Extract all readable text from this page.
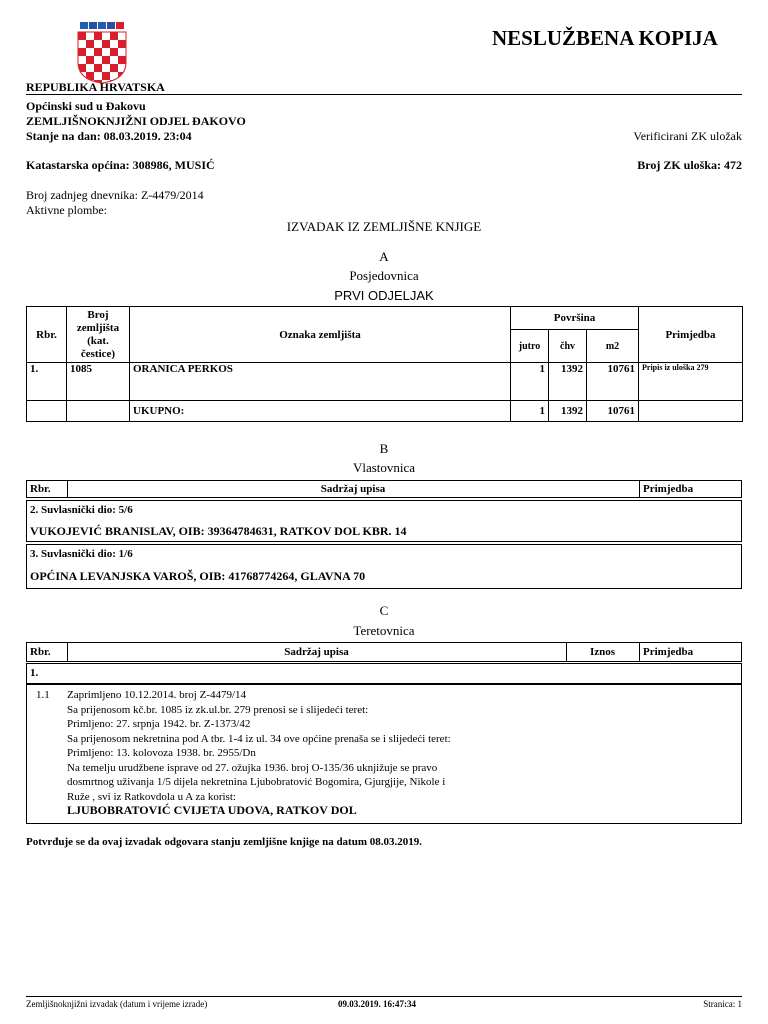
NESLUŽBENA KOPIJA
REPUBLIKA HRVATSKA
Općinski sud u Đakovu
ZEMLJIŠNOKNJIŽNI ODJEL ĐAKOVO
Stanje na dan: 08.03.2019. 23:04	Verificirani ZK uložak
Katastarska općina: 308986, MUSIĆ	Broj ZK uloška: 472
Broj zadnjeg dnevnika: Z-4479/2014
Aktivne plombe:
IZVADAK IZ ZEMLJIŠNE KNJIGE
A
Posjedovnica
PRVI ODJELJAK
Rbr.	Broj zemljišta (kat. čestice)	Oznaka zemljišta	Površina			Primjedba
			jutro	čhv	m2	
1.	1085	ORANICA PERKOS	1	1392	10761	Pripis iz uloška 279
		UKUPNO:	1	1392	10761	
B
Vlastovnica
Rbr.	Sadržaj upisa	Primjedba
2. Suvlasnički dio: 5/6
VUKOJEVIĆ BRANISLAV, OIB: 39364784631, RATKOV DOL KBR. 14
3. Suvlasnički dio: 1/6
OPĆINA LEVANJSKA VAROŠ, OIB: 41768774264, GLAVNA 70
C
Teretovnica
Rbr.	Sadržaj upisa	Iznos	Primjedba
1.
1.1 Zaprimljeno 10.12.2014. broj Z-4479/14
Sa prijenosom kč.br. 1085 iz zk.ul.br. 279 prenosi se i slijedeći teret:
Primljeno: 27. srpnja 1942. br. Z-1373/42
Sa prijenosom nekretnina pod A tbr. 1-4 iz ul. 34 ove općine prenaša se i slijedeći teret:
Primljeno: 13. kolovoza 1938. br. 2955/Dn
Na temelju urudžbene isprave od 27. ožujka 1936. broj O-135/36 uknjižuje se pravo
dosmrtnog uživanja 1/5 dijela nekretnina Ljubobratović Bogomira, Gjurgjije, Nikole i
Ruže , svi iz Ratkovdola u A za korist:
LJUBOBRATOVIĆ CVIJETA UDOVA, RATKOV DOL
Potvrđuje se da ovaj izvadak odgovara stanju zemljišne knjige na datum 08.03.2019.
Zemljišnoknjižni izvadak (datum i vrijeme izrade)	09.03.2019. 16:47:34	Stranica: 1
